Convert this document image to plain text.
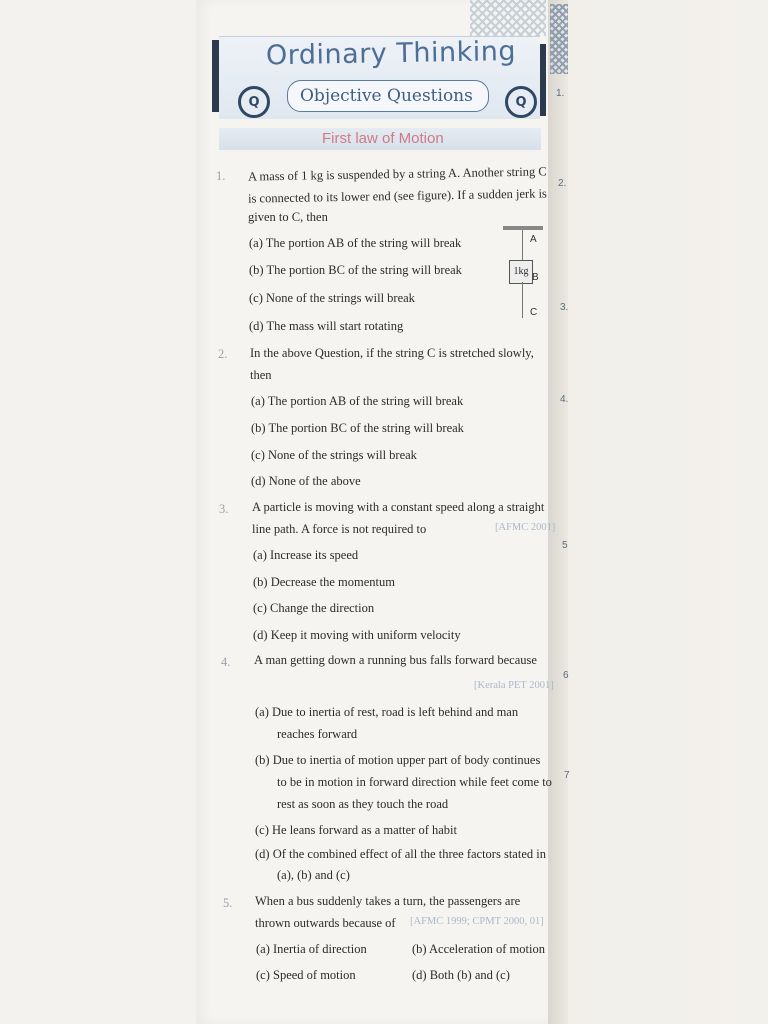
Ordinary Thinking
Q	Objective Questions	Q
First law of Motion
A
1kg
B
C
1.
2.
3.
4.
5
6
7
1. A mass of 1 kg is suspended by a string A. Another string C
is connected to its lower end (see figure). If a sudden jerk is
given to C, then
(a) The portion AB of the string will break
(b) The portion BC of the string will break
(c) None of the strings will break
(d) The mass will start rotating
2. In the above Question, if the string C is stretched slowly,
then
(a) The portion AB of the string will break
(b) The portion BC of the string will break
(c) None of the strings will break
(d) None of the above
3. A particle is moving with a constant speed along a straight
line path. A force is not required to	[AFMC 2001]
(a) Increase its speed
(b) Decrease the momentum
(c) Change the direction
(d) Keep it moving with uniform velocity
4. A man getting down a running bus falls forward because
[Kerala PET 2001]
(a) Due to inertia of rest, road is left behind and man
reaches forward
(b) Due to inertia of motion upper part of body continues
to be in motion in forward direction while feet come to
rest as soon as they touch the road
(c) He leans forward as a matter of habit
(d) Of the combined effect of all the three factors stated in
(a), (b) and (c)
5. When a bus suddenly takes a turn, the passengers are
thrown outwards because of [AFMC 1999; CPMT 2000, 01]
(a) Inertia of direction	(b) Acceleration of motion
(c) Speed of motion	(d) Both (b) and (c)
